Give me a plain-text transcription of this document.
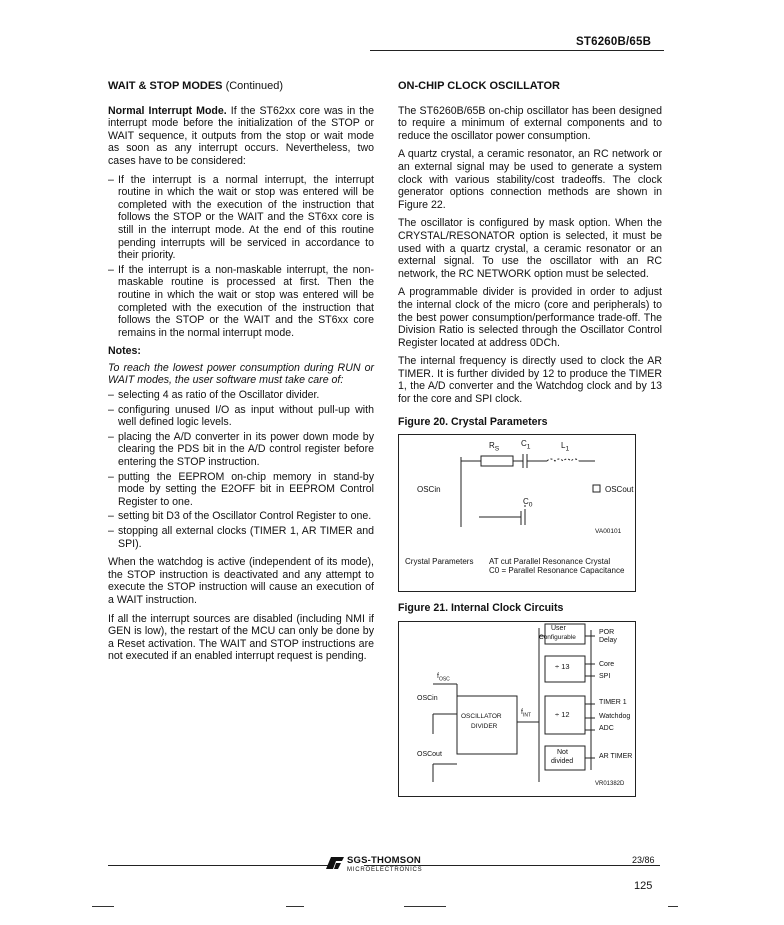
ST6260B/65B
WAIT & STOP MODES (Continued)

Normal Interrupt Mode. If the ST62xx core was in the interrupt mode before the initialization of the STOP or WAIT sequence, it outputs from the stop or wait mode as soon as any interrupt occurs. Nevertheless, two cases have to be considered:

– If the interrupt is a normal interrupt, the interrupt routine in which the wait or stop was entered will be completed with the execution of the instruction that follows the STOP or the WAIT and the ST6xx core is still in the interrupt mode. At the end of this routine pending interrupts will be serviced in accordance to their priority.
– If the interrupt is a non-maskable interrupt, the non-maskable routine is processed at first. Then the routine in which the wait or stop was entered will be completed with the execution of the instruction that follows the STOP or the WAIT and the ST6xx core remains in the normal interrupt mode.
Notes:

To reach the lowest power consumption during RUN or WAIT modes, the user software must take care of:

– selecting 4 as ratio of the Oscillator divider.
– configuring unused I/O as input without pull-up with well defined logic levels.
– placing the A/D converter in its power down mode by clearing the PDS bit in the A/D control register before entering the STOP instruction.
– putting the EEPROM on-chip memory in stand-by mode by setting the E2OFF bit in EEPROM Control Register to one.
– setting bit D3 of the Oscillator Control Register to one.
– stopping all external clocks (TIMER 1, AR TIMER and SPI).

When the watchdog is active (independent of its mode), the STOP instruction is deactivated and any attempt to execute the STOP instruction will cause an execution of a WAIT instruction.

If all the interrupt sources are disabled (including NMI if GEN is low), the restart of the MCU can only be done by a Reset activation. The WAIT and STOP instructions are not executed if an enabled interrupt request is pending.

ON-CHIP CLOCK OSCILLATOR

The ST6260B/65B on-chip oscillator has been designed to require a minimum of external components and to reduce the oscillator power consumption.

A quartz crystal, a ceramic resonator, an RC network or an external signal may be used to generate a system clock with various stability/cost tradeoffs. The clock generator options connection methods are shown in Figure 22.

The oscillator is configured by mask option. When the CRYSTAL/RESONATOR option is selected, it must be used with a quartz crystal, a ceramic resonator or an external signal. To use the oscillator with an RC network, the RC NETWORK option must be selected.

A programmable divider is provided in order to adjust the internal clock of the micro (core and peripherals) to the best power consumption/performance trade-off. The Division Ratio is selected through the Oscillator Control Register located at address 0DCh.

The internal frequency is directly used to clock the AR TIMER. It is further divided by 12 to produce the TIMER 1, the A/D converter and the Watchdog clock and by 13 for the core and SPI clock.

Figure 20. Crystal Parameters
$R_S$
$C_1$	$L_1$
OSCin	OSCout
$C_0$
VA00101
Crystal Parameters AT cut Parallel Resonance Crystal
C0 = Parallel Resonance Capacitance
Figure 21. Internal Clock Circuits
User
Configurable
POR
Delay
÷ 13	Core
SPI
$f_{OSC}$
OSCin
OSCout
OSCILLATOR
DIVIDER
$f_{INT}$	÷ 12
TIMER 1
Watchdog
ADC
Not
divided
AR TIMER
VR01382D
SGS-THOMSON
MICROELECTRONICS
23/86
125
